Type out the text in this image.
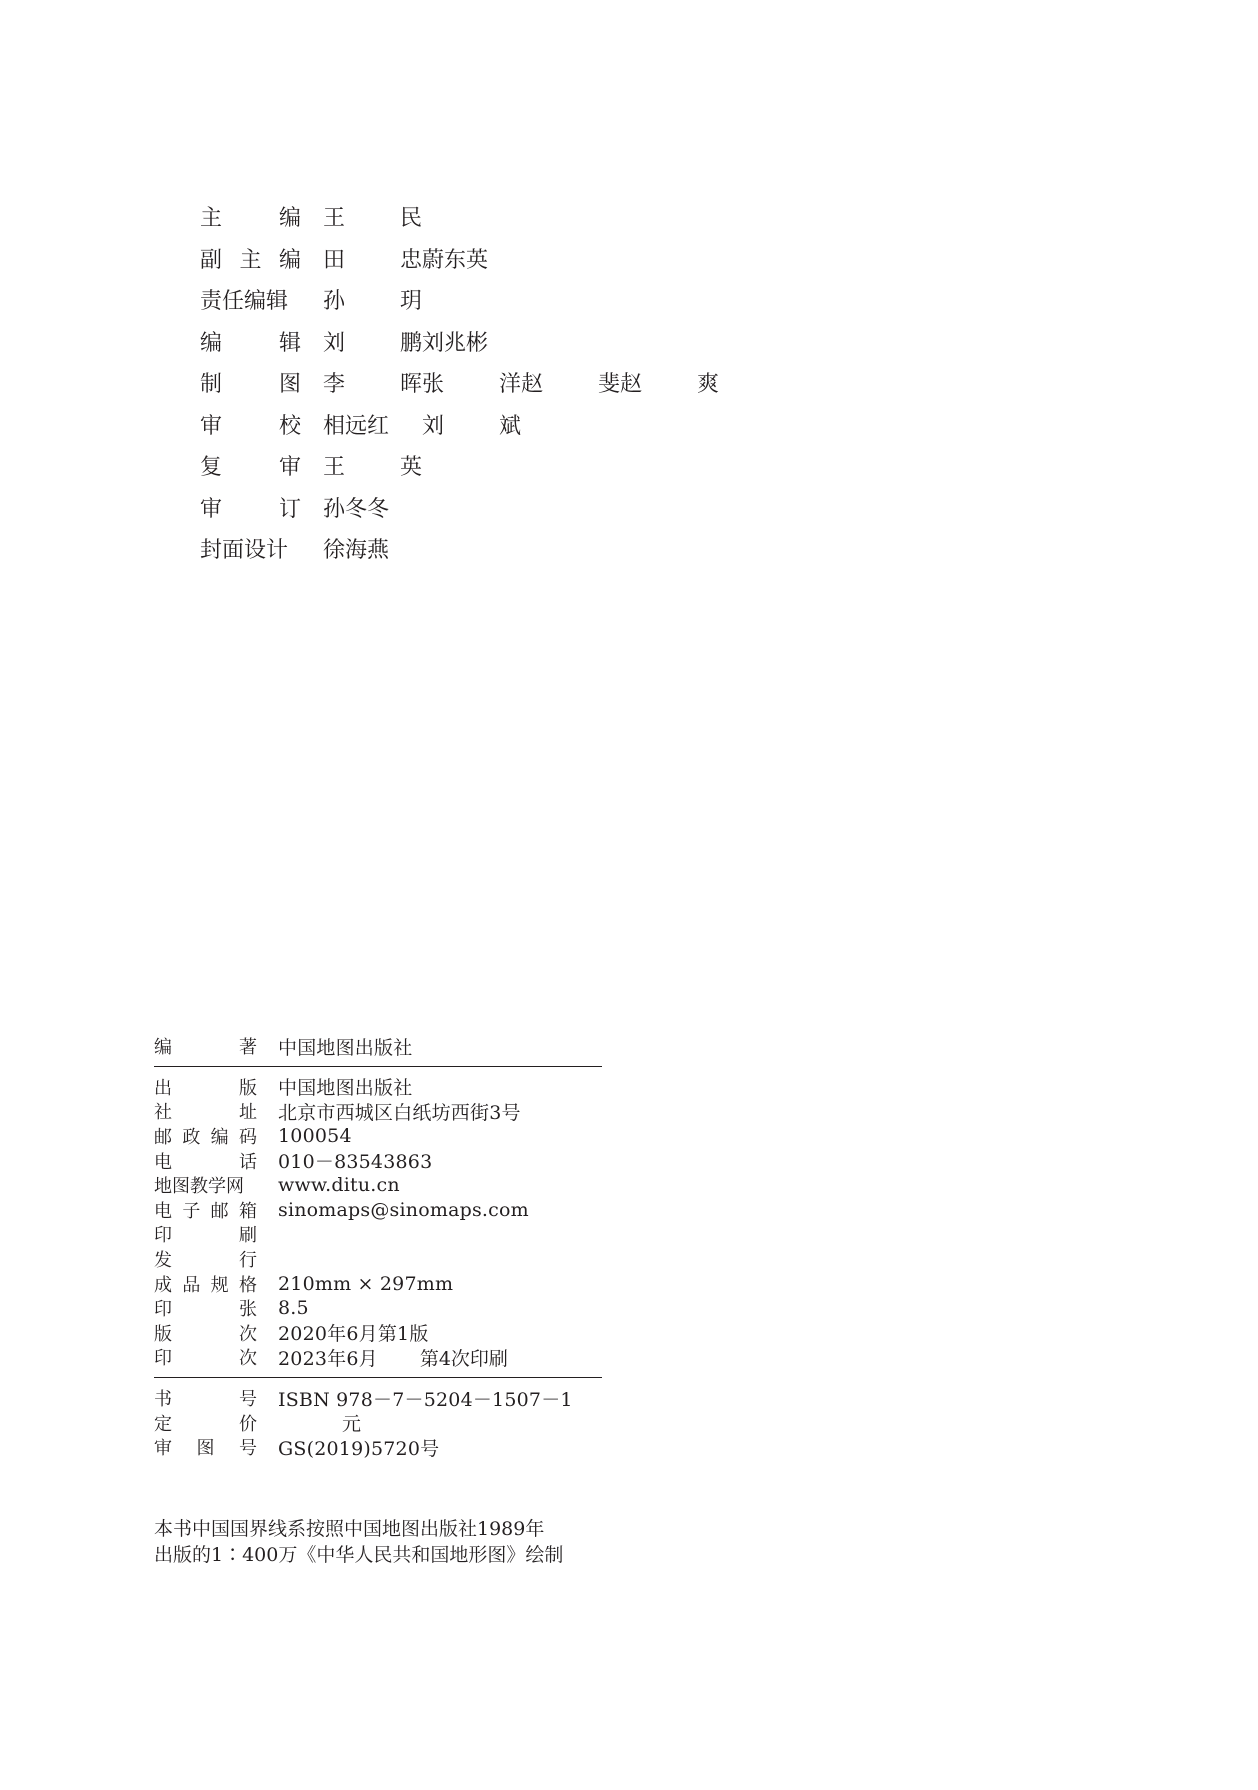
主	编 王 民
副 主 编 田 忠 蔚东英
责任编辑 孙 玥
编	辑 刘 鹏 刘兆彬
制	图 李 晖 张 洋 赵 斐 赵 爽
审	校 相远红 刘 斌
复	审 王 英
审	订 孙冬冬
封面设计 徐海燕
编	著 中国地图出版社
出	版 中国地图出版社
社	址 北京市西城区白纸坊西街3号
邮 政 编 码 100054
电	话 010－83543863
地图教学网 www.ditu.cn
电 子 邮 箱 sinomaps@sinomaps.com
印	刷
发	行
成 品 规 格 210mm × 297mm
印	张 8.5
版	次 2020年6月第1版
印	次 2023年6月 第4次印刷
书	号 ISBN 978－7－5204－1507－1
定	价	元
审 图 号 GS(2019)5720号
本书中国国界线系按照中国地图出版社1989年
出版的1∶400万《中华人民共和国地形图》绘制
